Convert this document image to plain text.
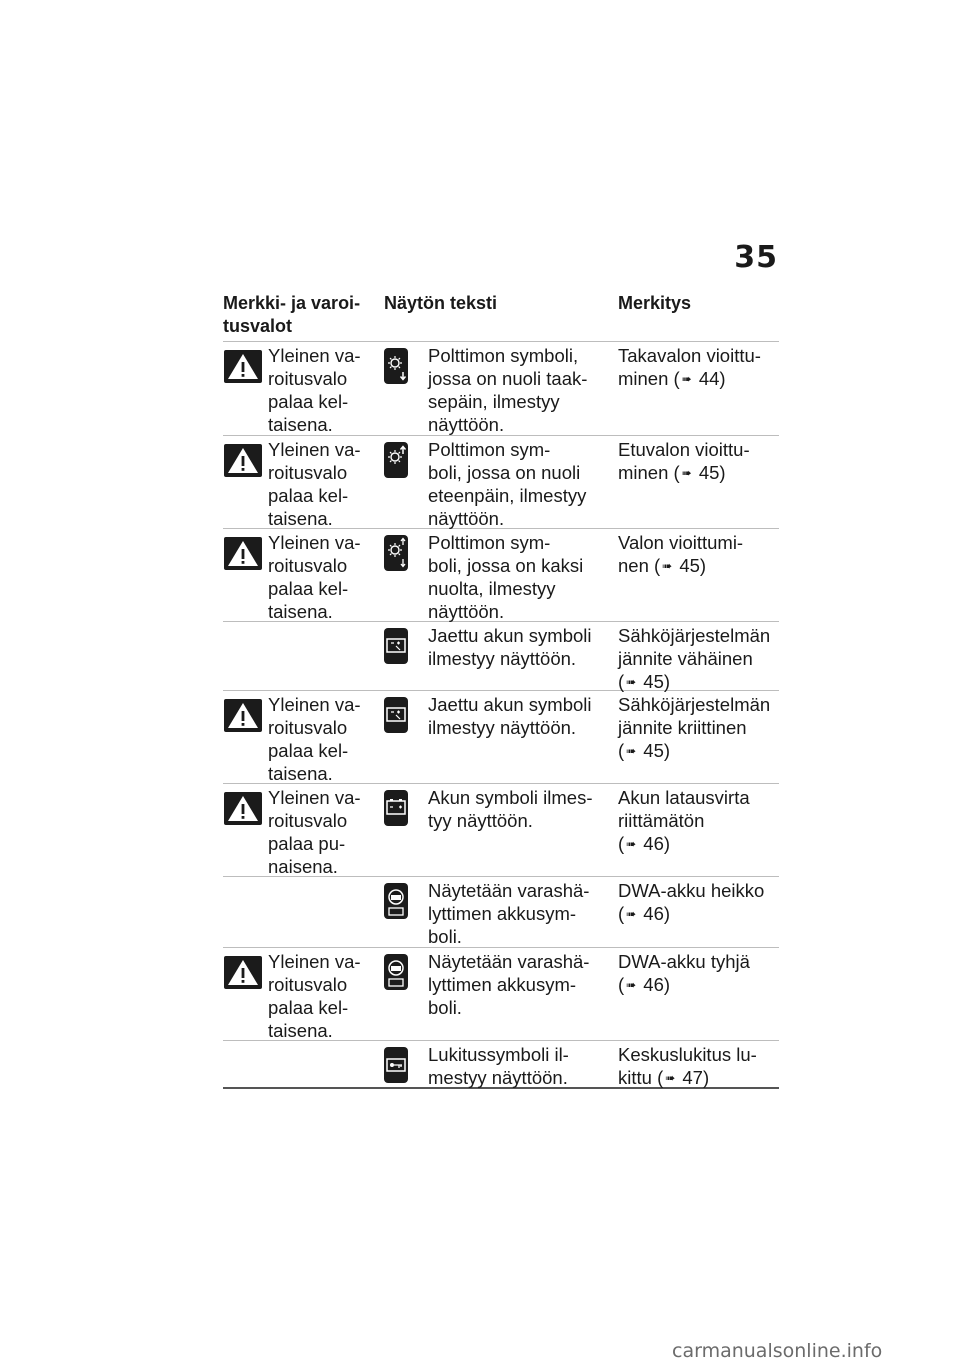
35
Merkki- ja varoi-
tusvalot
Näytön teksti	Merkitys
Yleinen va-
roitusvalo
palaa kel-
taisena.
Polttimon symboli,
jossa on nuoli taak-
sepäin, ilmestyy
näyttöön.
Takavalon vioittu-
minen ( ➠ 44)
Yleinen va-
roitusvalo
palaa kel-
taisena.
Polttimon sym-
boli, jossa on nuoli
eteenpäin, ilmestyy
näyttöön.
Etuvalon vioittu-
minen ( ➠ 45)
Yleinen va-
roitusvalo
palaa kel-
taisena.
Polttimon sym-
boli, jossa on kaksi
nuolta, ilmestyy
näyttöön.
Valon vioittumi-
nen ( ➠ 45)
Jaettu akun symboli
ilmestyy näyttöön.
Sähköjärjestelmän
jännite vähäinen
( ➠ 45)
Yleinen va-
roitusvalo
palaa kel-
taisena.
Jaettu akun symboli
ilmestyy näyttöön.
Sähköjärjestelmän
jännite kriittinen
( ➠ 45)
Yleinen va-
roitusvalo
palaa pu-
naisena.
Akun symboli ilmes-
tyy näyttöön.
Akun latausvirta
riittämätön
( ➠ 46)
Näytetään varashä-
lyttimen akkusym-
boli.
DWA-akku heikko
( ➠ 46)
Yleinen va-
roitusvalo
palaa kel-
taisena.
Näytetään varashä-
lyttimen akkusym-
boli.
DWA-akku tyhjä
( ➠ 46)
Lukitussymboli il-
mestyy näyttöön.
Keskuslukitus lu-
kittu ( ➠ 47)
carmanualsonline.info
